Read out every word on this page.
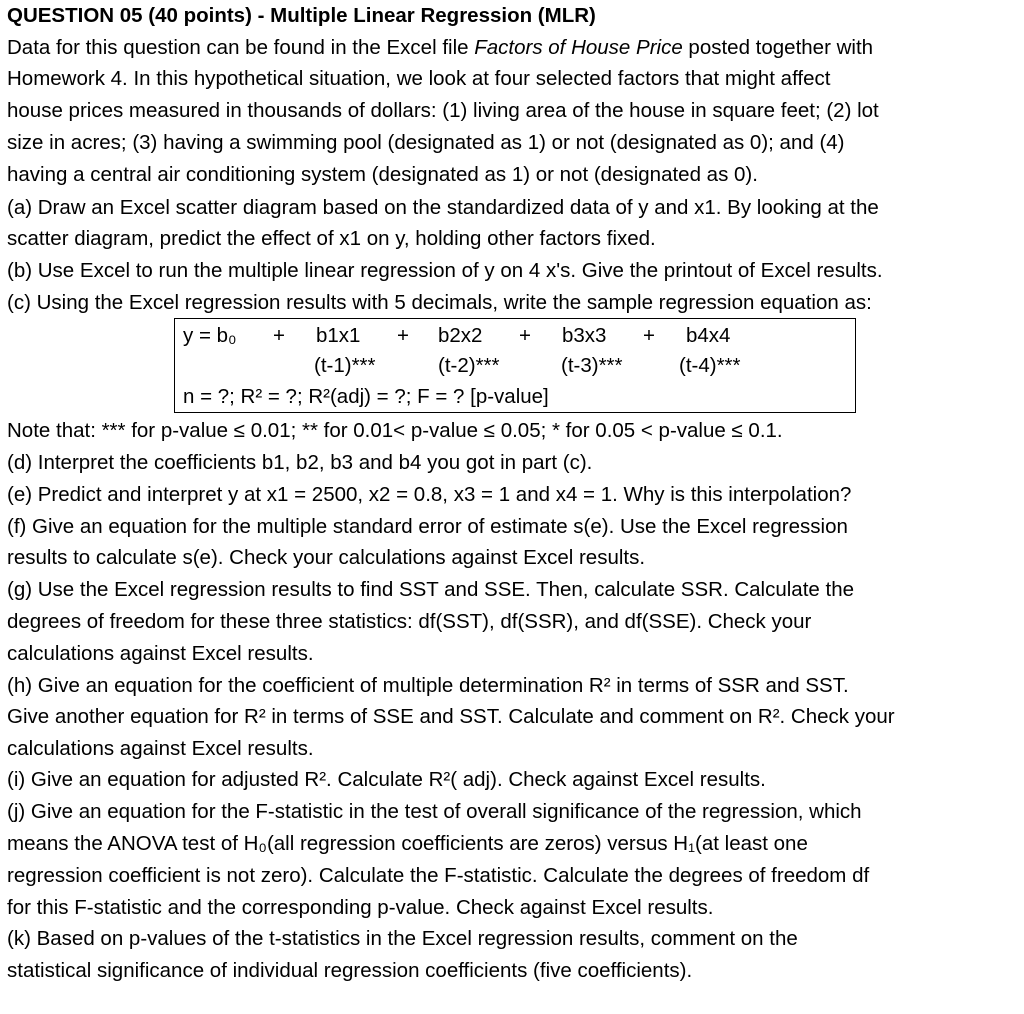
QUESTION 05 (40 points) - Multiple Linear Regression (MLR)
Data for this question can be found in the Excel file Factors of House Price posted together with
Homework 4. In this hypothetical situation, we look at four selected factors that might affect
house prices measured in thousands of dollars: (1) living area of the house in square feet; (2) lot
size in acres; (3) having a swimming pool (designated as 1) or not (designated as 0); and (4)
having a central air conditioning system (designated as 1) or not (designated as 0).
(a) Draw an Excel scatter diagram based on the standardized data of y and x1. By looking at the
scatter diagram, predict the effect of x1 on y, holding other factors fixed.
(b) Use Excel to run the multiple linear regression of y on 4 x's. Give the printout of Excel results.
(c) Using the Excel regression results with 5 decimals, write the sample regression equation as:
y = b₀ + b1x1 + b2x2 + b3x3 + b4x4
(t-1)***	(t-2)***	(t-3)***	(t-4)***
n = ?; R² = ?; R²(adj) = ?; F = ? [p-value]
Note that: *** for p-value ≤ 0.01; ** for 0.01< p-value ≤ 0.05; * for 0.05 < p-value ≤ 0.1.
(d) Interpret the coefficients b1, b2, b3 and b4 you got in part (c).
(e) Predict and interpret y at x1 = 2500, x2 = 0.8, x3 = 1 and x4 = 1. Why is this interpolation?
(f) Give an equation for the multiple standard error of estimate s(e). Use the Excel regression
results to calculate s(e). Check your calculations against Excel results.
(g) Use the Excel regression results to find SST and SSE. Then, calculate SSR. Calculate the
degrees of freedom for these three statistics: df(SST), df(SSR), and df(SSE). Check your
calculations against Excel results.
(h) Give an equation for the coefficient of multiple determination R² in terms of SSR and SST.
Give another equation for R² in terms of SSE and SST. Calculate and comment on R². Check your
calculations against Excel results.
(i) Give an equation for adjusted R². Calculate R²( adj). Check against Excel results.
(j) Give an equation for the F-statistic in the test of overall significance of the regression, which
means the ANOVA test of H₀(all regression coefficients are zeros) versus H₁(at least one
regression coefficient is not zero). Calculate the F-statistic. Calculate the degrees of freedom df
for this F-statistic and the corresponding p-value. Check against Excel results.
(k) Based on p-values of the t-statistics in the Excel regression results, comment on the
statistical significance of individual regression coefficients (five coefficients).
